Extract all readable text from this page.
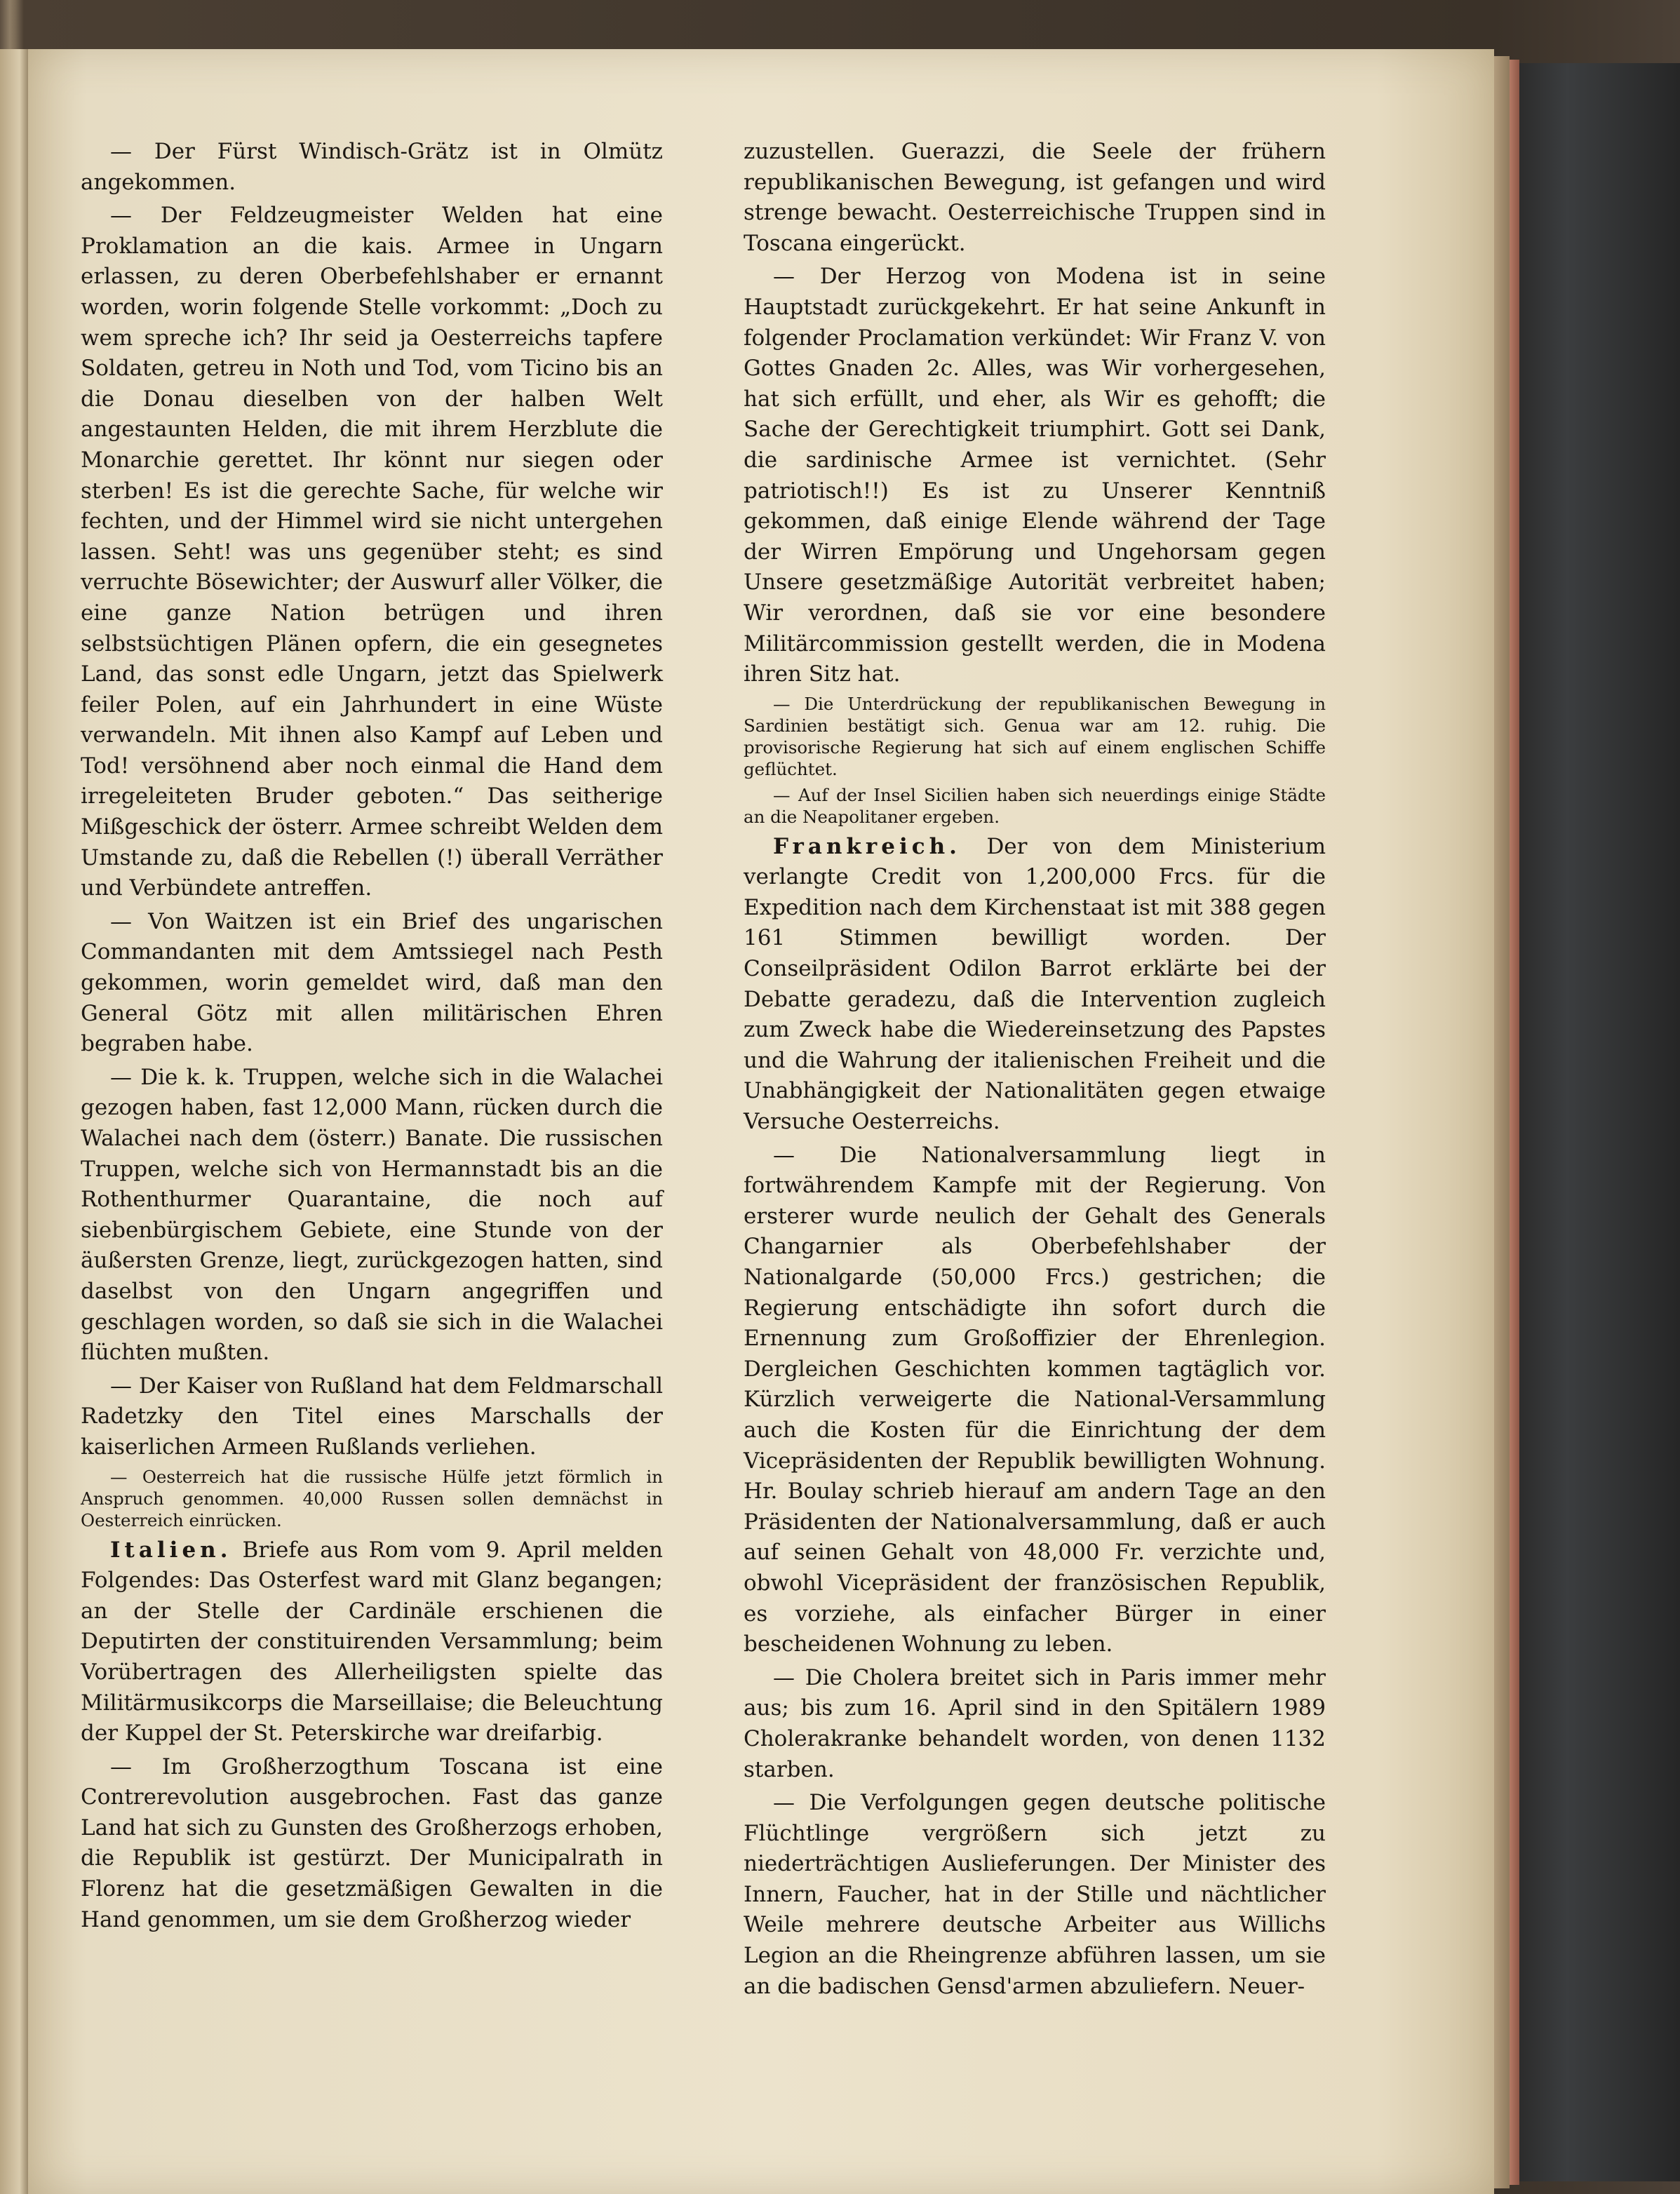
— Der Fürst Windisch-Grätz ist in Olmütz angekommen.

— Der Feldzeugmeister Welden hat eine Proklamation an die kais. Armee in Ungarn erlassen, zu deren Oberbefehlshaber er ernannt worden, worin folgende Stelle vorkommt: „Doch zu wem spreche ich? Ihr seid ja Oesterreichs tapfere Soldaten, getreu in Noth und Tod, vom Ticino bis an die Donau dieselben von der halben Welt angestaunten Helden, die mit ihrem Herzblute die Monarchie gerettet. Ihr könnt nur siegen oder sterben! Es ist die gerechte Sache, für welche wir fechten, und der Himmel wird sie nicht untergehen lassen. Seht! was uns gegenüber steht; es sind verruchte Bösewichter; der Auswurf aller Völker, die eine ganze Nation betrügen und ihren selbstsüchtigen Plänen opfern, die ein gesegnetes Land, das sonst edle Ungarn, jetzt das Spielwerk feiler Polen, auf ein Jahrhundert in eine Wüste verwandeln. Mit ihnen also Kampf auf Leben und Tod! versöhnend aber noch einmal die Hand dem irregeleiteten Bruder geboten.“ Das seitherige Mißgeschick der österr. Armee schreibt Welden dem Umstande zu, daß die Rebellen (!) überall Verräther und Verbündete antreffen.

— Von Waitzen ist ein Brief des ungarischen Commandanten mit dem Amtssiegel nach Pesth gekommen, worin gemeldet wird, daß man den General Götz mit allen militärischen Ehren begraben habe.

— Die k. k. Truppen, welche sich in die Walachei gezogen haben, fast 12,000 Mann, rücken durch die Walachei nach dem (österr.) Banate. Die russischen Truppen, welche sich von Hermannstadt bis an die Rothenthurmer Quarantaine, die noch auf siebenbürgischem Gebiete, eine Stunde von der äußersten Grenze, liegt, zurückgezogen hatten, sind daselbst von den Ungarn angegriffen und geschlagen worden, so daß sie sich in die Walachei flüchten mußten.

— Der Kaiser von Rußland hat dem Feldmarschall Radetzky den Titel eines Marschalls der kaiserlichen Armeen Rußlands verliehen.

— Oesterreich hat die russische Hülfe jetzt förmlich in Anspruch genommen. 40,000 Russen sollen demnächst in Oesterreich einrücken.

Italien. Briefe aus Rom vom 9. April melden Folgendes: Das Osterfest ward mit Glanz begangen; an der Stelle der Cardinäle erschienen die Deputirten der constituirenden Versammlung; beim Vorübertragen des Allerheiligsten spielte das Militärmusikcorps die Marseillaise; die Beleuchtung der Kuppel der St. Peterskirche war dreifarbig.

— Im Großherzogthum Toscana ist eine Contrerevolution ausgebrochen. Fast das ganze Land hat sich zu Gunsten des Großherzogs erhoben, die Republik ist gestürzt. Der Municipalrath in Florenz hat die gesetzmäßigen Gewalten in die Hand genommen, um sie dem Großherzog wieder

zuzustellen. Guerazzi, die Seele der frühern republikanischen Bewegung, ist gefangen und wird strenge bewacht. Oesterreichische Truppen sind in Toscana eingerückt.

— Der Herzog von Modena ist in seine Hauptstadt zurückgekehrt. Er hat seine Ankunft in folgender Proclamation verkündet: Wir Franz V. von Gottes Gnaden 2c. Alles, was Wir vorhergesehen, hat sich erfüllt, und eher, als Wir es gehofft; die Sache der Gerechtigkeit triumphirt. Gott sei Dank, die sardinische Armee ist vernichtet. (Sehr patriotisch!!) Es ist zu Unserer Kenntniß gekommen, daß einige Elende während der Tage der Wirren Empörung und Ungehorsam gegen Unsere gesetzmäßige Autorität verbreitet haben; Wir verordnen, daß sie vor eine besondere Militärcommission gestellt werden, die in Modena ihren Sitz hat.

— Die Unterdrückung der republikanischen Bewegung in Sardinien bestätigt sich. Genua war am 12. ruhig. Die provisorische Regierung hat sich auf einem englischen Schiffe geflüchtet.

— Auf der Insel Sicilien haben sich neuerdings einige Städte an die Neapolitaner ergeben.

Frankreich. Der von dem Ministerium verlangte Credit von 1,200,000 Frcs. für die Expedition nach dem Kirchenstaat ist mit 388 gegen 161 Stimmen bewilligt worden. Der Conseilpräsident Odilon Barrot erklärte bei der Debatte geradezu, daß die Intervention zugleich zum Zweck habe die Wiedereinsetzung des Papstes und die Wahrung der italienischen Freiheit und die Unabhängigkeit der Nationalitäten gegen etwaige Versuche Oesterreichs.

— Die Nationalversammlung liegt in fortwährendem Kampfe mit der Regierung. Von ersterer wurde neulich der Gehalt des Generals Changarnier als Oberbefehlshaber der Nationalgarde (50,000 Frcs.) gestrichen; die Regierung entschädigte ihn sofort durch die Ernennung zum Großoffizier der Ehrenlegion. Dergleichen Geschichten kommen tagtäglich vor. Kürzlich verweigerte die National-Versammlung auch die Kosten für die Einrichtung der dem Vicepräsidenten der Republik bewilligten Wohnung. Hr. Boulay schrieb hierauf am andern Tage an den Präsidenten der Nationalversammlung, daß er auch auf seinen Gehalt von 48,000 Fr. verzichte und, obwohl Vicepräsident der französischen Republik, es vorziehe, als einfacher Bürger in einer bescheidenen Wohnung zu leben.

— Die Cholera breitet sich in Paris immer mehr aus; bis zum 16. April sind in den Spitälern 1989 Cholerakranke behandelt worden, von denen 1132 starben.

— Die Verfolgungen gegen deutsche politische Flüchtlinge vergrößern sich jetzt zu niederträchtigen Auslieferungen. Der Minister des Innern, Faucher, hat in der Stille und nächtlicher Weile mehrere deutsche Arbeiter aus Willichs Legion an die Rheingrenze abführen lassen, um sie an die badischen Gensd'armen abzuliefern. Neuer-
